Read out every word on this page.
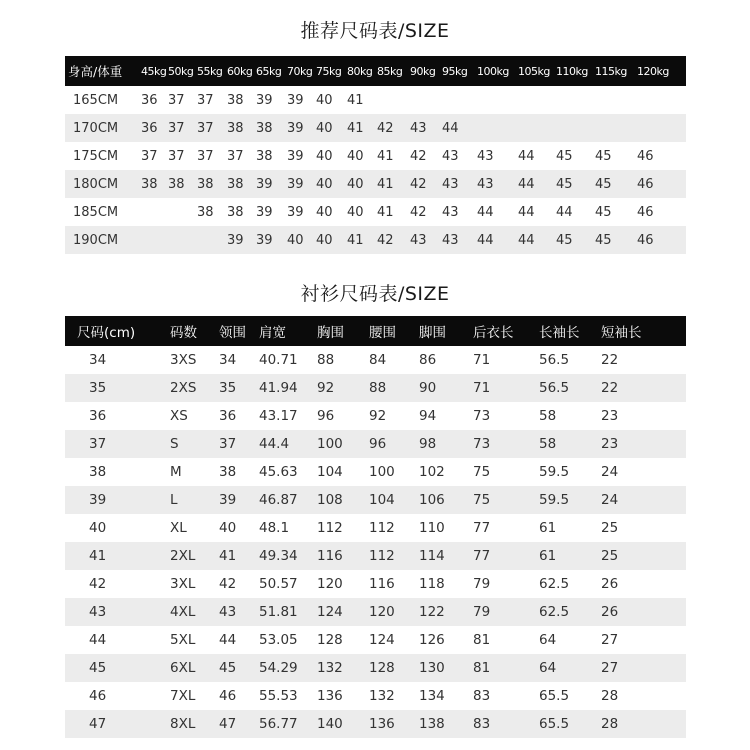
推荐尺码表/SIZE
身高/体重	45kg	50kg	55kg	60kg	65kg	70kg	75kg	80kg	85kg	90kg	95kg	100kg	105kg	110kg	115kg	120kg
165CM	36	37	37	38	39	39	40	41								
170CM	36	37	37	38	38	39	40	41	42	43	44					
175CM	37	37	37	37	38	39	40	40	41	42	43	43	44	45	45	46
180CM	38	38	38	38	39	39	40	40	41	42	43	43	44	45	45	46
185CM			38	38	39	39	40	40	41	42	43	44	44	44	45	46
190CM				39	39	40	40	41	42	43	43	44	44	45	45	46
衬衫尺码表/SIZE
尺码(cm)	码数	领围	肩宽	胸围	腰围	脚围	后衣长	长袖长	短袖长
34	3XS	34	40.71	88	84	86	71	56.5	22
35	2XS	35	41.94	92	88	90	71	56.5	22
36	XS	36	43.17	96	92	94	73	58	23
37	S	37	44.4	100	96	98	73	58	23
38	M	38	45.63	104	100	102	75	59.5	24
39	L	39	46.87	108	104	106	75	59.5	24
40	XL	40	48.1	112	112	110	77	61	25
41	2XL	41	49.34	116	112	114	77	61	25
42	3XL	42	50.57	120	116	118	79	62.5	26
43	4XL	43	51.81	124	120	122	79	62.5	26
44	5XL	44	53.05	128	124	126	81	64	27
45	6XL	45	54.29	132	128	130	81	64	27
46	7XL	46	55.53	136	132	134	83	65.5	28
47	8XL	47	56.77	140	136	138	83	65.5	28
